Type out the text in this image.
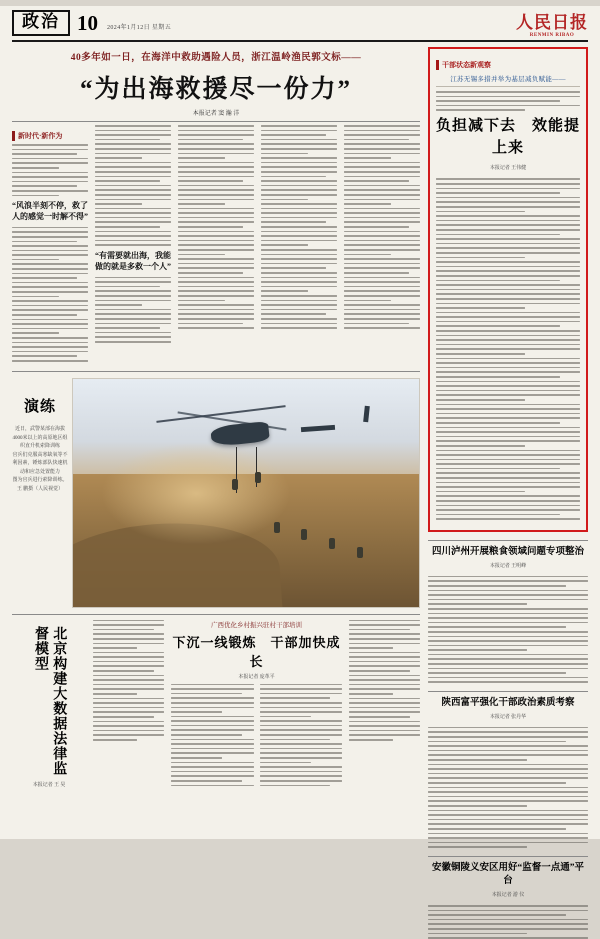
政治 10 2024年1月12日 星期五	人民日报
RENMIN RIBAO
40多年如一日，在海洋中救助遇险人员，浙江温岭渔民郭文标——
“为出海救援尽一份力”
本报记者 窦 瀚 洋
新时代·新作为
“风浪半刻不停，救了人的感觉一时解不得”
“有需要就出海，我能做的就是多救一个人”
演练
近日，武警某部在海拔4000米以上的高原地区组织直升机索降训练
官兵们克服高寒缺氧等不利因素，锤炼部队快速机动和应急处置能力
图为官兵进行索降训练。
王 鹏摄（人民视觉）
北京构建大数据法律监督模型
本报记者 王 昊
广西优化乡村振兴驻村干部培训
下沉一线锻炼　干部加快成长
本报记者 庞革平
干部状态新观察
江苏无锡多措并举为基层减负赋能——
负担减下去　效能提上来
本报记者 王伟健
四川泸州开展粮食领域问题专项整治
本报记者 王明峰
陕西富平强化干部政治素质考察
本报记者 张丹华
安徽铜陵义安区用好“监督一点通”平台
本报记者 游 仪
